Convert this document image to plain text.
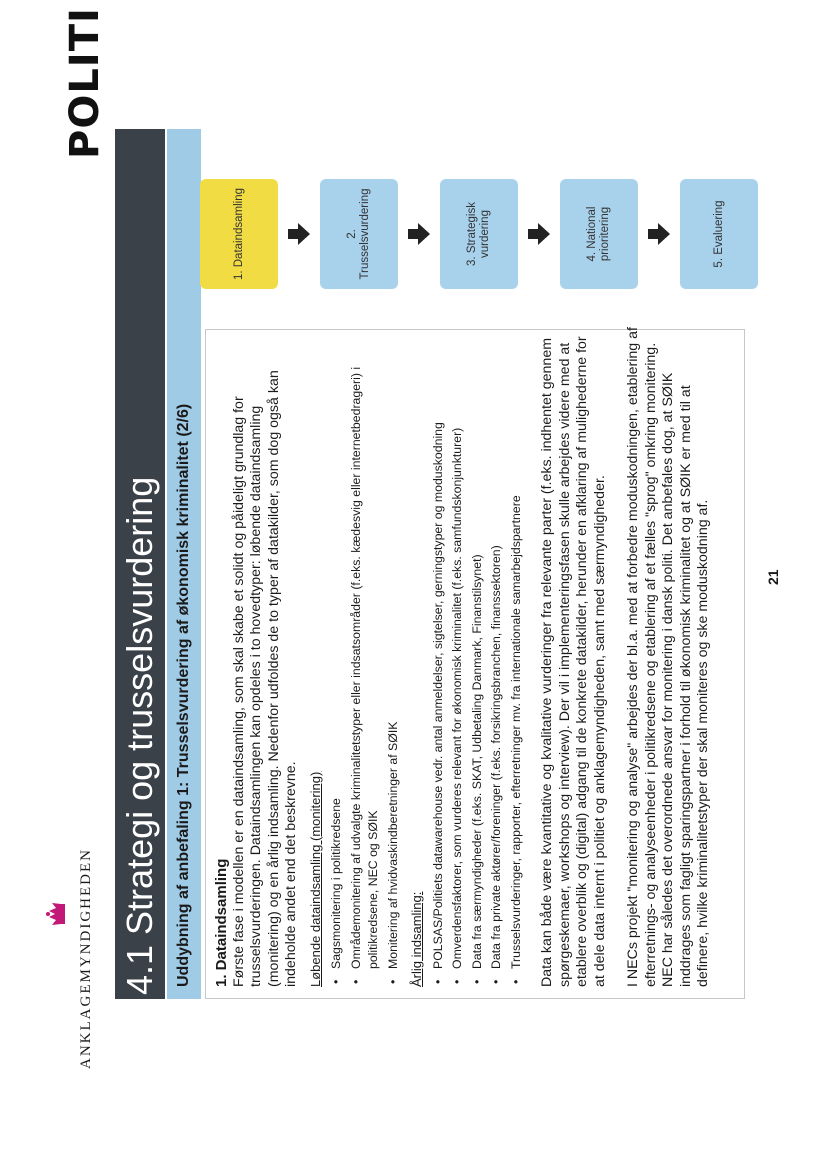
ANKLAGEMYNDIGHEDEN
POLITI
4.1 Strategi og trusselsvurdering Uddybning af anbefaling 1: Trusselsvurdering af økonomisk kriminalitet (2/6)	1. Dataindsamling Første fase i modellen er en dataindsamling, som skal skabe et solidt og påideligt grundlag for trusselsvurderingen. Dataindsamlingen kan opdeles i to hovedtyper: løbende dataindsamling (monitering) og en årlig indsamling. Nedenfor udfoldes de to typer af datakilder, som dog også kan indeholde andet end det beskrevne. Løbende dataindsamling (monitering) • Sagsmonitering i politikredsene • Områdemonitering af udvalgte kriminalitetstyper eller indsatsområder (f.eks. kædesvig eller internetbedrageri) i politikredsene, NEC og SØIK • Monitering af hvidvaskindberetninger af SØIK Årlig indsamling: • POLSAS/Politiets datawarehouse vedr. antal anmeldelser, sigtelser, gerningstyper og moduskodning • Omverdensfaktorer, som vurderes relevant for økonomisk kriminalitet (f.eks. samfundskonjunkturer) • Data fra særmyndigheder (f.eks. SKAT, Udbetaling Danmark, Finanstilsynet) • Data fra private aktører/foreninger (f.eks. forsikringsbranchen, finanssektoren) • Trusselsvurderinger, rapporter, efterretninger mv. fra internationale samarbejdspartnere Data kan både være kvantitative og kvalitative vurderinger fra relevante parter (f.eks. indhentet gennem spørgeskemaer, workshops og interview). Der vil i implementeringsfasen skulle arbejdes videre med at etablere overblik og (digital) adgang til de konkrete datakilder, herunder en afklaring af mulighederne for at dele data internt i politiet og anklagemyndigheden, samt med særmyndigheder. I NECs projekt "monitering og analyse" arbejdes der bl.a. med at forbedre moduskodningen, etablering af efterretnings- og analyseenheder i politikredsene og etablering af et fælles "sprog" omkring monitering. NEC har således det overordnede ansvar for monitering i dansk politi. Det anbefales dog, at SØIK inddrages som fagligt sparingspartner i forhold til økonomisk kriminalitet og at SØIK er med til at definere, hvilke kriminalitetstyper der skal moniteres og ske moduskodning af.	21
1. Dataindsamling	2. Trusselsvurdering	3. Strategisk vurdering	4. National prioritering	5. Evaluering
